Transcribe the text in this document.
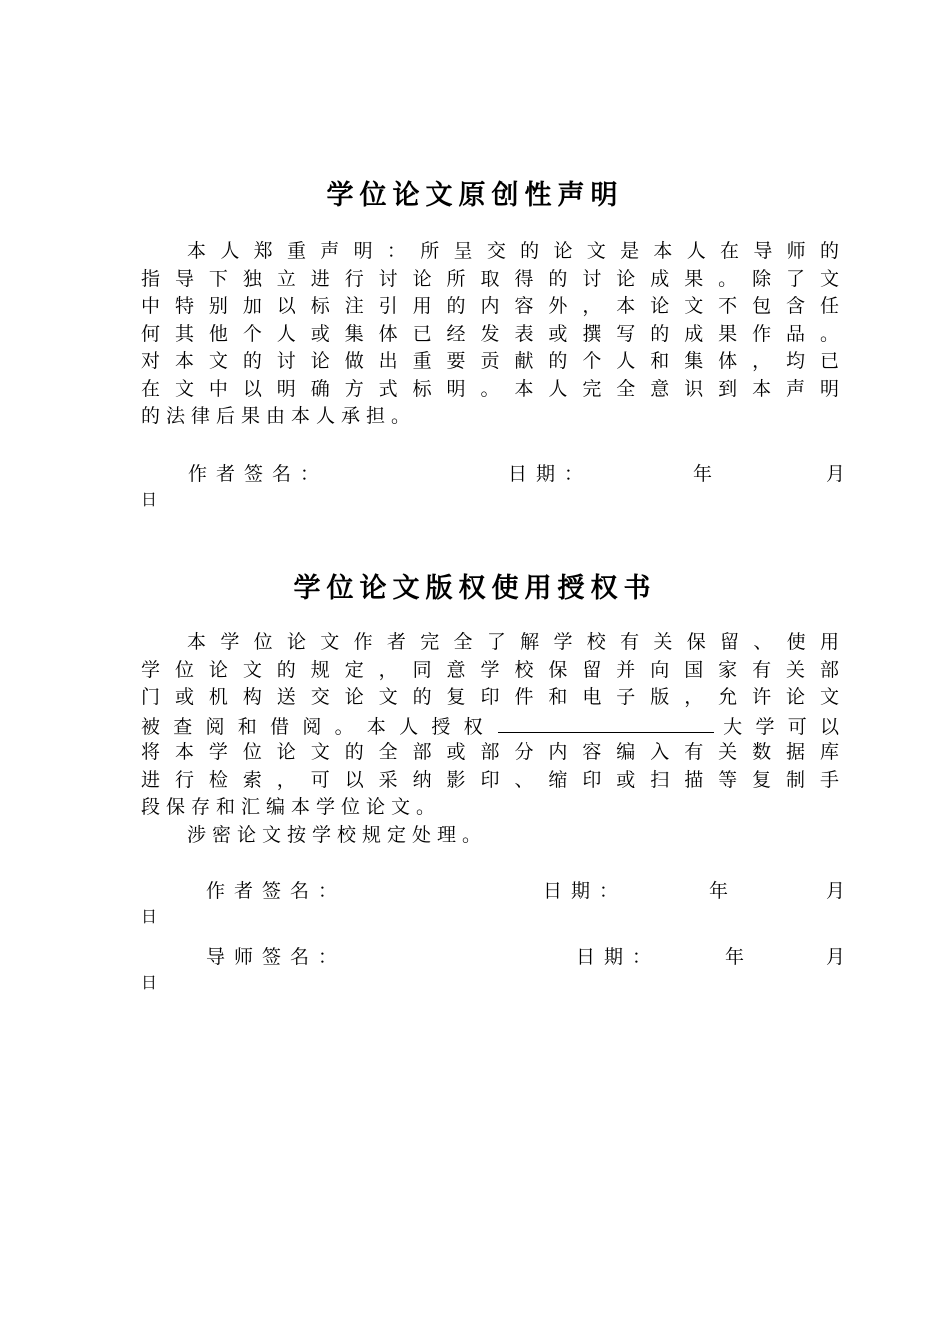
学位论文原创性声明
本人郑重声明：所呈交的论文是本人在导师的
指导下独立进行讨论所取得的讨论成果。除了文
中特别加以标注引用的内容外，本论文不包含任
何其他个人或集体已经发表或撰写的成果作品。
对本文的讨论做出重要贡献的个人和集体，均已
在文中以明确方式标明。本人完全意识到本声明
的法律后果由本人承担。
作者签名：	日期：	年	月
日
学位论文版权使用授权书
本学位论文作者完全了解学校有关保留、使用
学位论文的规定，同意学校保留并向国家有关部
门或机构送交论文的复印件和电子版，允许论文
被查阅和借阅。本人授权	大学可以
将本学位论文的全部或部分内容编入有关数据库
进行检索，可以采纳影印、缩印或扫描等复制手
段保存和汇编本学位论文。
涉密论文按学校规定处理。
作者签名：	日期：	年	月
日
导师签名：	日期：	年	月
日
